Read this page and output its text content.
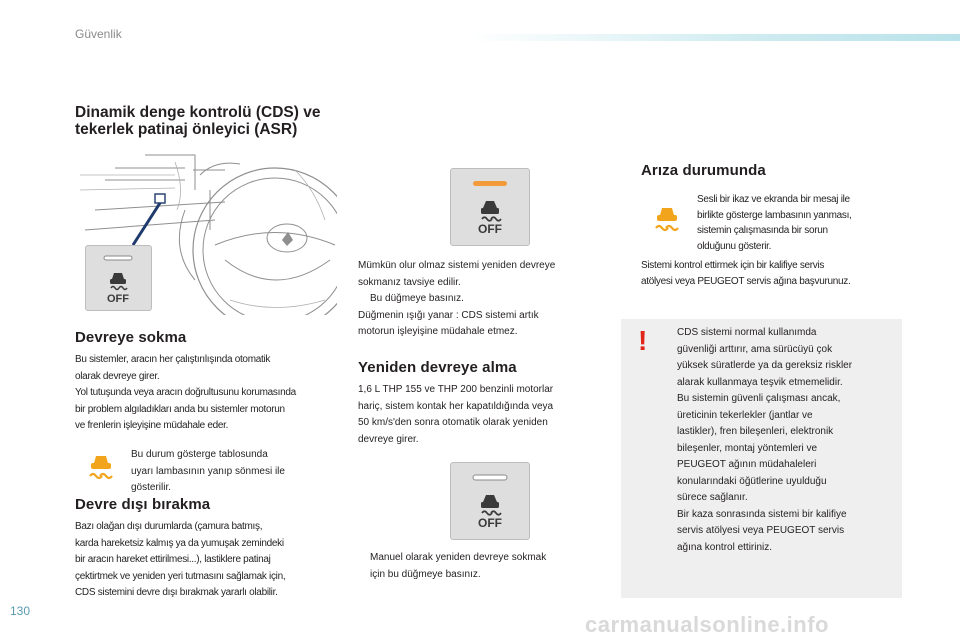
Güvenlik
Dinamik denge kontrolü (CDS) ve tekerlek patinaj önleyici (ASR)
OFF
Devreye sokma

Bu sistemler, aracın her çalıştırılışında otomatik

olarak devreye girer.

Yol tutuşunda veya aracın doğrultusunu korumasında

bir problem algıladıkları anda bu sistemler motorun

ve frenlerin işleyişine müdahale eder.

Bu durum gösterge tablosunda

uyarı lambasının yanıp sönmesi ile

gösterilir.

Devre dışı bırakma

Bazı olağan dışı durumlarda (çamura batmış,

karda hareketsiz kalmış ya da yumuşak zemindeki

bir aracın hareket ettirilmesi...), lastiklere patinaj

çektirtmek ve yeniden yeri tutmasını sağlamak için,

CDS sistemini devre dışı bırakmak yararlı olabilir.

OFF

Mümkün olur olmaz sistemi yeniden devreye

sokmanız tavsiye edilir.

Bu düğmeye basınız.

Düğmenin ışığı yanar : CDS sistemi artık

motorun işleyişine müdahale etmez.

Yeniden devreye alma

1,6 L THP 155 ve THP 200 benzinli motorlar

hariç, sistem kontak her kapatıldığında veya

50 km/s'den sonra otomatik olarak yeniden

devreye girer.

OFF
Manuel olarak yeniden devreye sokmak
için bu düğmeye basınız.
Arıza durumunda

Sesli bir ikaz ve ekranda bir mesaj ile

birlikte gösterge lambasının yanması,

sistemin çalışmasında bir sorun

olduğunu gösterir.

Sistemi kontrol ettirmek için bir kalifiye servis

atölyesi veya PEUGEOT servis ağına başvurunuz.

!	CDS sistemi normal kullanımda

güvenliği arttırır, ama sürücüyü çok

yüksek süratlerde ya da gereksiz riskler

alarak kullanmaya teşvik etmemelidir.

Bu sistemin güvenli çalışması ancak,

üreticinin tekerlekler (jantlar ve

lastikler), fren bileşenleri, elektronik

bileşenler, montaj yöntemleri ve

PEUGEOT ağının müdahaleleri

konularındaki öğütlerine uyulduğu

sürece sağlanır.

Bir kaza sonrasında sistemi bir kalifiye

servis atölyesi veya PEUGEOT servis

ağına kontrol ettiriniz.

130
carmanualsonline.info
